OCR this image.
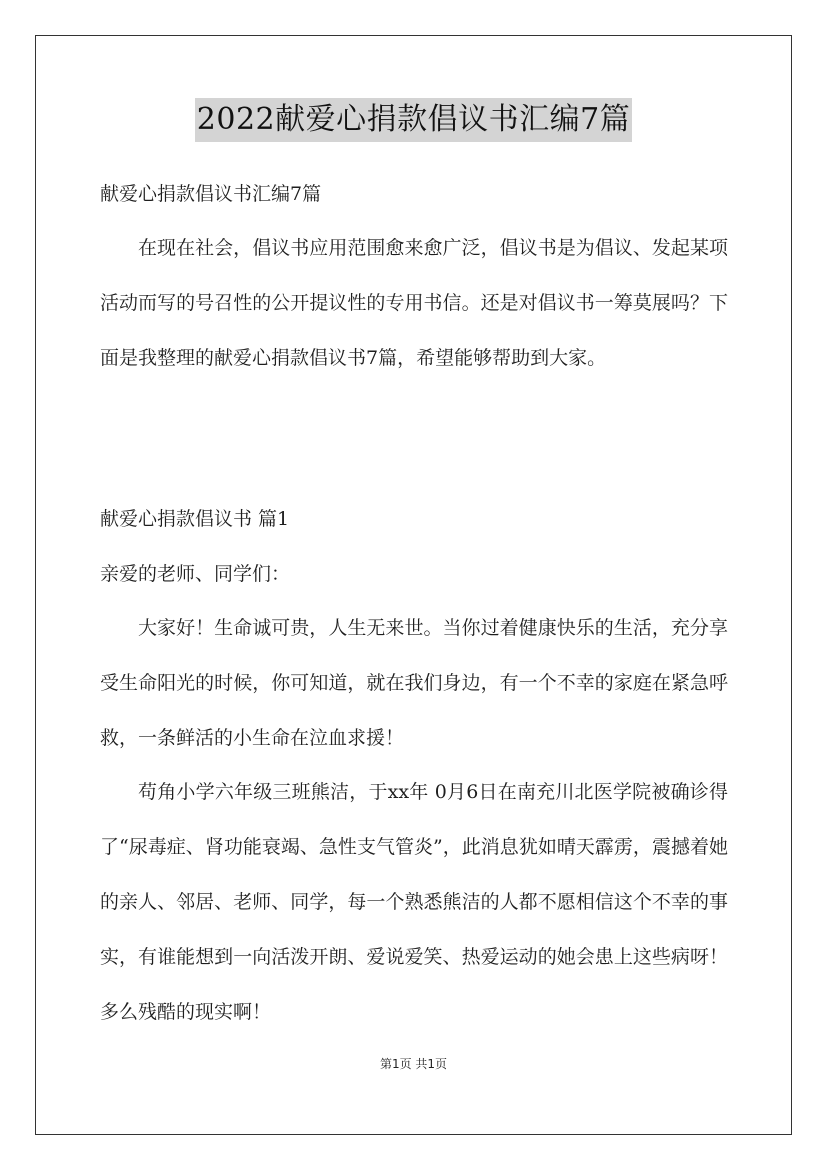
2022献爱心捐款倡议书汇编7篇
献爱心捐款倡议书汇编7篇
在现在社会，倡议书应用范围愈来愈广泛，倡议书是为倡议、发起某项活动而写的号召性的公开提议性的专用书信。还是对倡议书一筹莫展吗？下面是我整理的献爱心捐款倡议书7篇，希望能够帮助到大家。
献爱心捐款倡议书 篇1
亲爱的老师、同学们：
大家好！生命诚可贵，人生无来世。当你过着健康快乐的生活，充分享受生命阳光的时候，你可知道，就在我们身边，有一个不幸的家庭在紧急呼救，一条鲜活的小生命在泣血求援！
苟角小学六年级三班熊洁，于xx年 0月6日在南充川北医学院被确诊得了“尿毒症、肾功能衰竭、急性支气管炎”，此消息犹如晴天霹雳，震撼着她的亲人、邻居、老师、同学，每一个熟悉熊洁的人都不愿相信这个不幸的事实，有谁能想到一向活泼开朗、爱说爱笑、热爱运动的她会患上这些病呀！多么残酷的现实啊！
第1页 共1页
